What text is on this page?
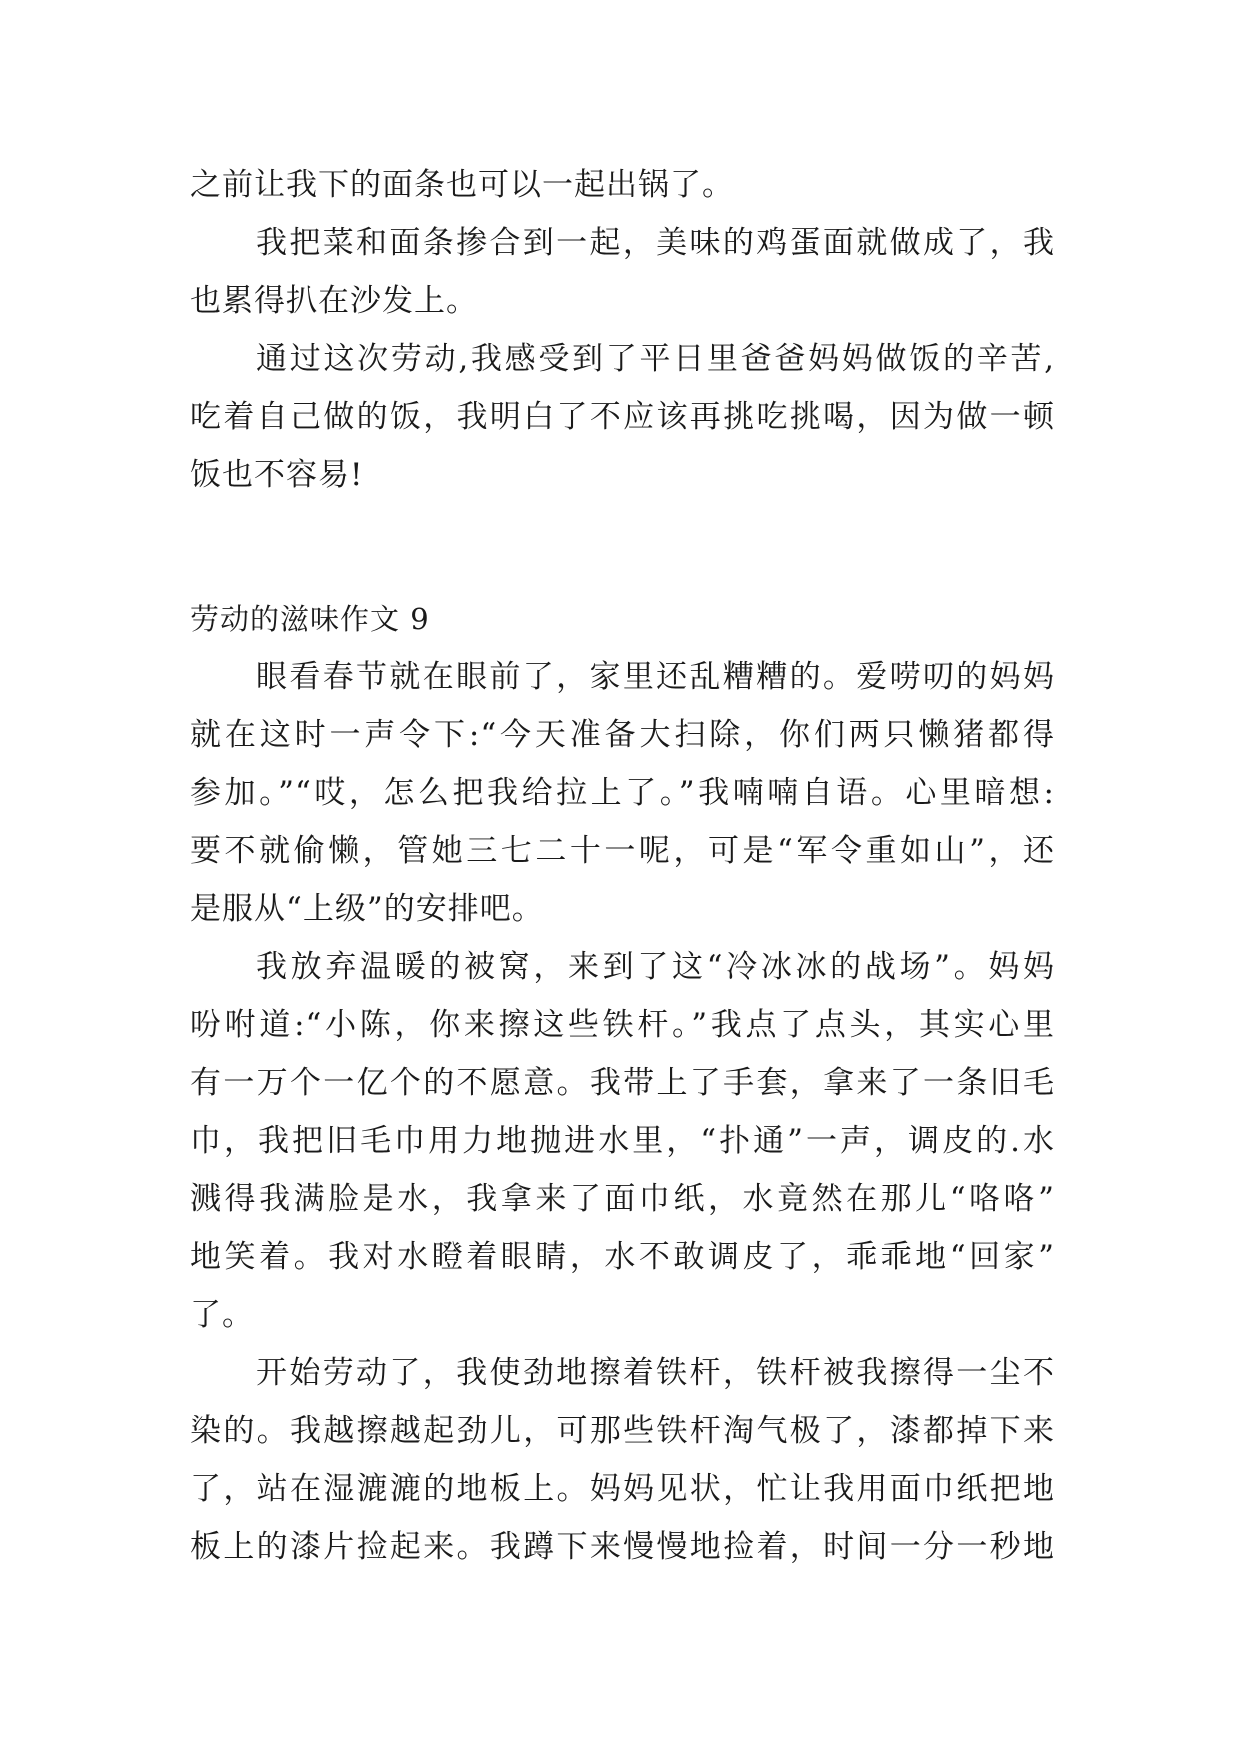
之前让我下的面条也可以一起出锅了。
我把菜和面条掺合到一起，美味的鸡蛋面就做成了，我
也累得扒在沙发上。
通过这次劳动,我感受到了平日里爸爸妈妈做饭的辛苦,
吃着自己做的饭，我明白了不应该再挑吃挑喝，因为做一顿
饭也不容易!
劳动的滋味作文 9
眼看春节就在眼前了，家里还乱糟糟的。爱唠叨的妈妈
就在这时一声令下:“今天准备大扫除，你们两只懒猪都得
参加。”“哎，怎么把我给拉上了。”我喃喃自语。心里暗想:
要不就偷懒，管她三七二十一呢，可是“军令重如山”，还
是服从“上级”的安排吧。
我放弃温暖的被窝，来到了这“冷冰冰的战场”。妈妈
吩咐道:“小陈，你来擦这些铁杆。”我点了点头，其实心里
有一万个一亿个的不愿意。我带上了手套，拿来了一条旧毛
巾，我把旧毛巾用力地抛进水里，“扑通”一声，调皮的.水
溅得我满脸是水，我拿来了面巾纸，水竟然在那儿“咯咯”
地笑着。我对水瞪着眼睛，水不敢调皮了，乖乖地“回家”
了。
开始劳动了，我使劲地擦着铁杆，铁杆被我擦得一尘不
染的。我越擦越起劲儿，可那些铁杆淘气极了，漆都掉下来
了，站在湿漉漉的地板上。妈妈见状，忙让我用面巾纸把地
板上的漆片捡起来。我蹲下来慢慢地捡着，时间一分一秒地
